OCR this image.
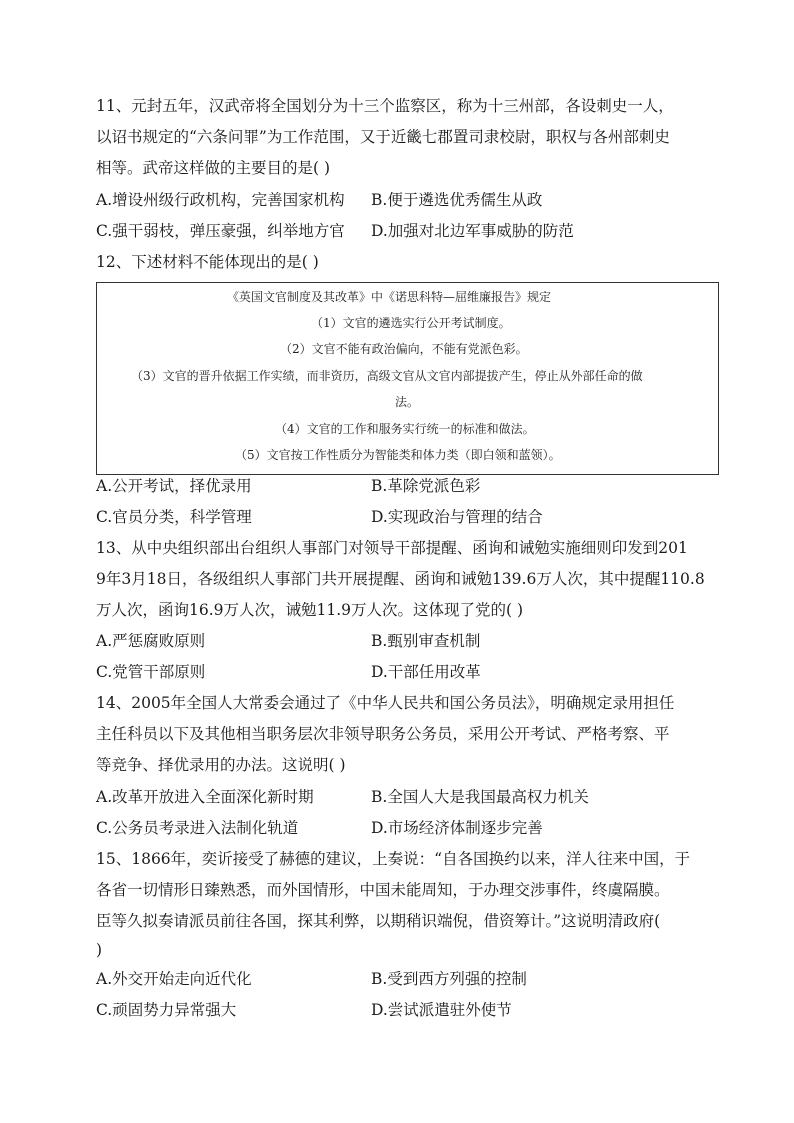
11、元封五年，汉武帝将全国划分为十三个监察区，称为十三州部，各设刺史一人，
以诏书规定的“六条问罪”为工作范围，又于近畿七郡置司隶校尉，职权与各州部刺史
相等。武帝这样做的主要目的是( )
A.增设州级行政机构，完善国家机构 B.便于遴选优秀儒生从政
C.强干弱枝，弹压豪强，纠举地方官 D.加强对北边军事威胁的防范
12、下述材料不能体现出的是( )
《英国文官制度及其改革》中《诺思科特—屈维廉报告》规定
（1）文官的遴选实行公开考试制度。
（2）文官不能有政治偏向，不能有党派色彩。
（3）文官的晋升依据工作实绩，而非资历，高级文官从文官内部提拔产生，停止从外部任命的做
法。
（4）文官的工作和服务实行统一的标准和做法。
（5）文官按工作性质分为智能类和体力类（即白领和蓝领）。
A.公开考试，择优录用	B.革除党派色彩
C.官员分类，科学管理	D.实现政治与管理的结合
13、从中央组织部出台组织人事部门对领导干部提醒、函询和诫勉实施细则印发到201
9年3月18日，各级组织人事部门共开展提醒、函询和诫勉139.6万人次，其中提醒110.8
万人次，函询16.9万人次，诫勉11.9万人次。这体现了党的( )
A.严惩腐败原则	B.甄别审查机制
C.党管干部原则	D.干部任用改革
14、2005年全国人大常委会通过了《中华人民共和国公务员法》，明确规定录用担任
主任科员以下及其他相当职务层次非领导职务公务员，采用公开考试、严格考察、平
等竞争、择优录用的办法。这说明( )
A.改革开放进入全面深化新时期	B.全国人大是我国最高权力机关
C.公务员考录进入法制化轨道	D.市场经济体制逐步完善
15、1866年，奕䜣接受了赫德的建议，上奏说：“自各国换约以来，洋人往来中国，于
各省一切情形日臻熟悉，而外国情形，中国未能周知，于办理交涉事件，终虞隔膜。
臣等久拟奏请派员前往各国，探其利弊，以期稍识端倪，借资筹计。”这说明清政府(
)
A.外交开始走向近代化	B.受到西方列强的控制
C.顽固势力异常强大	D.尝试派遣驻外使节
